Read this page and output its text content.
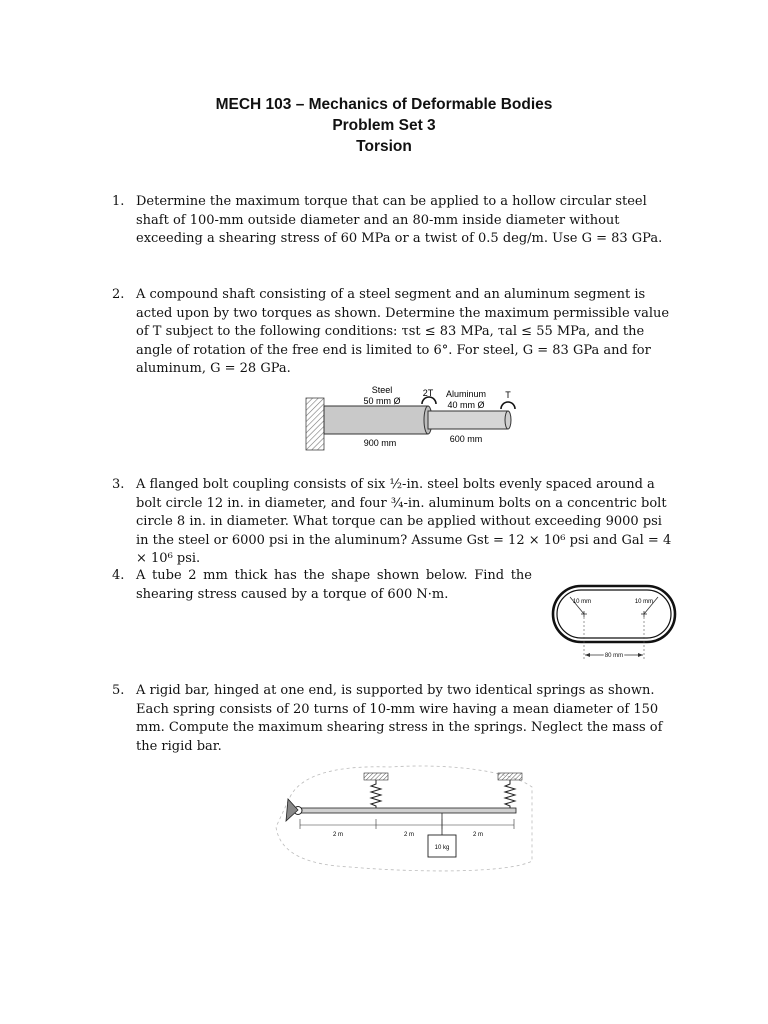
MECH 103 – Mechanics of Deformable Bodies
Problem Set 3
Torsion
1. Determine the maximum torque that can be applied to a hollow circular steel shaft of 100-mm outside diameter and an 80-mm inside diameter without exceeding a shearing stress of 60 MPa or a twist of 0.5 deg/m. Use G = 83 GPa.
2. A compound shaft consisting of a steel segment and an aluminum segment is acted upon by two torques as shown. Determine the maximum permissible value of T subject to the following conditions: τst ≤ 83 MPa, τal ≤ 55 MPa, and the angle of rotation of the free end is limited to 6°. For steel, G = 83 GPa and for aluminum, G = 28 GPa.
Steel
50 mm Ø
2T Aluminum
40 mm Ø
T
900 mm	600 mm
3. A flanged bolt coupling consists of six ½-in. steel bolts evenly spaced around a bolt circle 12 in. in diameter, and four ¾-in. aluminum bolts on a concentric bolt circle 8 in. in diameter. What torque can be applied without exceeding 9000 psi in the steel or 6000 psi in the aluminum? Assume Gst = 12 × 10⁶ psi and Gal = 4 × 10⁶ psi.
4. A tube 2 mm thick has the shape shown below. Find the shearing stress caused by a torque of 600 N·m.
10 mm	10 mm
80 mm
5. A rigid bar, hinged at one end, is supported by two identical springs as shown. Each spring consists of 20 turns of 10-mm wire having a mean diameter of 150 mm. Compute the maximum shearing stress in the springs. Neglect the mass of the rigid bar.
10 kg
2 m	2 m	2 m
